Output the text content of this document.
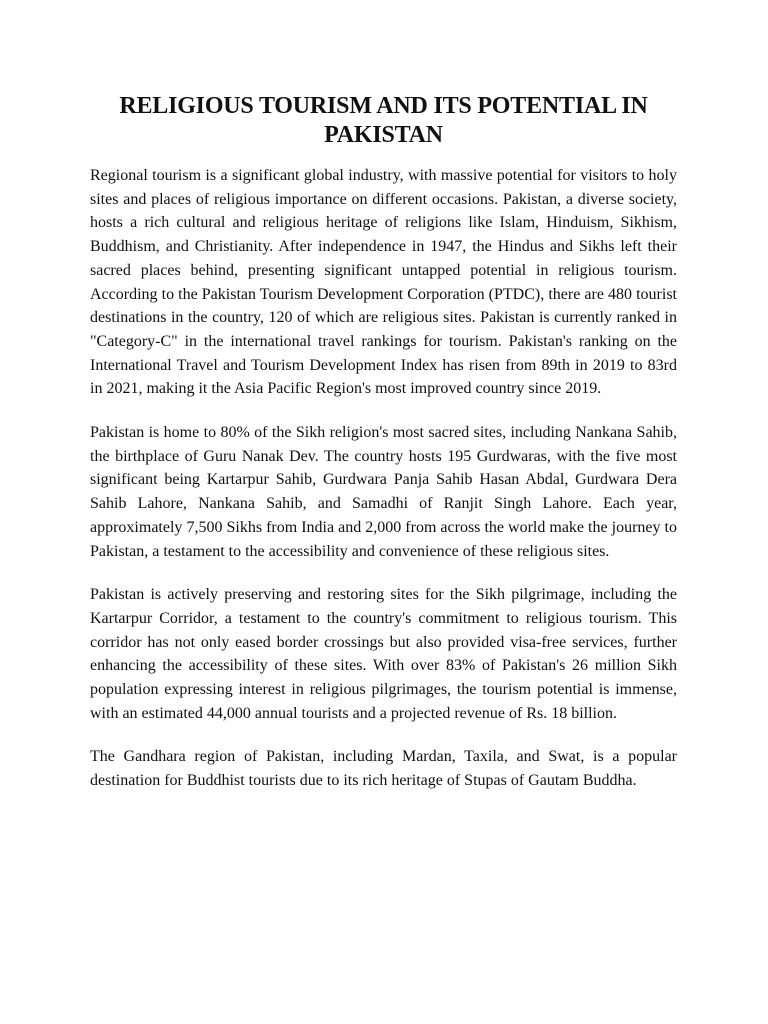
RELIGIOUS TOURISM AND ITS POTENTIAL IN PAKISTAN

Regional tourism is a significant global industry, with massive potential for visitors to holy sites and places of religious importance on different occasions. Pakistan, a diverse society, hosts a rich cultural and religious heritage of religions like Islam, Hinduism, Sikhism, Buddhism, and Christianity. After independence in 1947, the Hindus and Sikhs left their sacred places behind, presenting significant untapped potential in religious tourism. According to the Pakistan Tourism Development Corporation (PTDC), there are 480 tourist destinations in the country, 120 of which are religious sites. Pakistan is currently ranked in "Category-C" in the international travel rankings for tourism. Pakistan's ranking on the International Travel and Tourism Development Index has risen from 89th in 2019 to 83rd in 2021, making it the Asia Pacific Region's most improved country since 2019.

Pakistan is home to 80% of the Sikh religion's most sacred sites, including Nankana Sahib, the birthplace of Guru Nanak Dev. The country hosts 195 Gurdwaras, with the five most significant being Kartarpur Sahib, Gurdwara Panja Sahib Hasan Abdal, Gurdwara Dera Sahib Lahore, Nankana Sahib, and Samadhi of Ranjit Singh Lahore. Each year, approximately 7,500 Sikhs from India and 2,000 from across the world make the journey to Pakistan, a testament to the accessibility and convenience of these religious sites.

Pakistan is actively preserving and restoring sites for the Sikh pilgrimage, including the Kartarpur Corridor, a testament to the country's commitment to religious tourism. This corridor has not only eased border crossings but also provided visa-free services, further enhancing the accessibility of these sites. With over 83% of Pakistan's 26 million Sikh population expressing interest in religious pilgrimages, the tourism potential is immense, with an estimated 44,000 annual tourists and a projected revenue of Rs. 18 billion.

The Gandhara region of Pakistan, including Mardan, Taxila, and Swat, is a popular destination for Buddhist tourists due to its rich heritage of Stupas of Gautam Buddha.
